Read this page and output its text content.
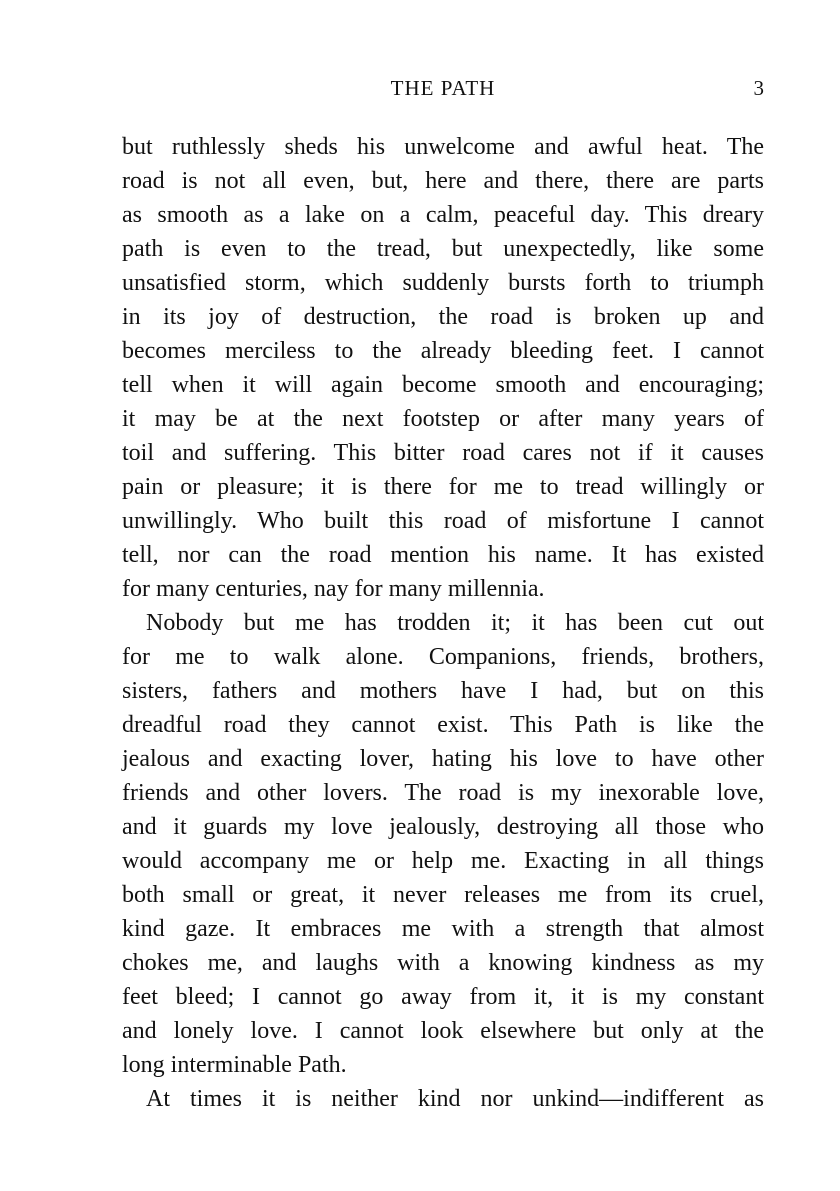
THE PATH	3
but ruthlessly sheds his unwelcome and awful heat. The
road is not all even, but, here and there, there are parts
as smooth as a lake on a calm, peaceful day. This dreary
path is even to the tread, but unexpectedly, like some
unsatisfied storm, which suddenly bursts forth to triumph
in its joy of destruction, the road is broken up and
becomes merciless to the already bleeding feet. I cannot
tell when it will again become smooth and encouraging;
it may be at the next footstep or after many years of
toil and suffering. This bitter road cares not if it causes
pain or pleasure; it is there for me to tread willingly or
unwillingly. Who built this road of misfortune I cannot
tell, nor can the road mention his name. It has existed
for many centuries, nay for many millennia.
Nobody but me has trodden it; it has been cut out
for me to walk alone. Companions, friends, brothers,
sisters, fathers and mothers have I had, but on this
dreadful road they cannot exist. This Path is like the
jealous and exacting lover, hating his love to have other
friends and other lovers. The road is my inexorable love,
and it guards my love jealously, destroying all those who
would accompany me or help me. Exacting in all things
both small or great, it never releases me from its cruel,
kind gaze. It embraces me with a strength that almost
chokes me, and laughs with a knowing kindness as my
feet bleed; I cannot go away from it, it is my constant
and lonely love. I cannot look elsewhere but only at the
long interminable Path.
At times it is neither kind nor unkind—indifferent as
